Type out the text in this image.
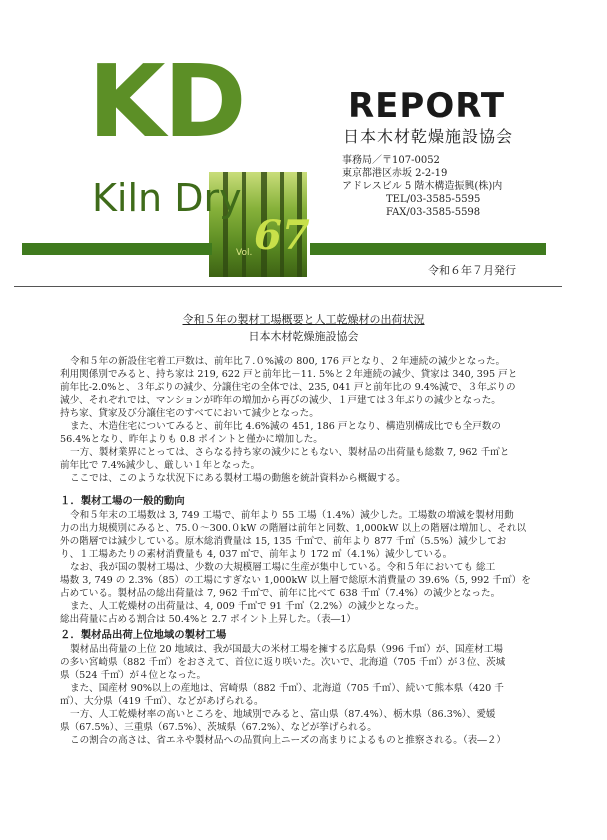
KD
Kiln Dry
Vol. 67
REPORT
日本木材乾燥施設協会
事務局／〒107-0052
東京都港区赤坂 2-2-19
アドレスビル 5 階木構造振興(株)内
TEL/03-3585-5595
FAX/03-3585-5598
令和６年７月発行
令和５年の製材工場概要と人工乾燥材の出荷状況
日本木材乾燥施設協会
令和５年の新設住宅着工戸数は、前年比７.０%減の 800, 176 戸となり、２年連続の減少となった。
利用関係別でみると、持ち家は 219, 622 戸と前年比－11. 5%と２年連続の減少、貸家は 340, 395 戸と
前年比-2.0%と、３年ぶりの減少、分譲住宅の全体では、235, 041 戸と前年比の 9.4%減で、３年ぶりの
減少、それぞれでは、マンションが昨年の増加から再びの減少、１戸建ては３年ぶりの減少となった。
持ち家、貸家及び分譲住宅のすべてにおいて減少となった。
また、木造住宅についてみると、前年比 4.6%減の 451, 186 戸となり、構造別構成比でも全戸数の
56.4%となり、昨年よりも 0.8 ポイントと僅かに増加した。
一方、製材業界にとっては、さらなる持ち家の減少にともない、製材品の出荷量も総数 7, 962 千㎥と
前年比で 7.4%減少し、厳しい１年となった。
ここでは、このような状況下にある製材工場の動態を統計資料から概観する。
１．製材工場の一般的動向
令和５年末の工場数は 3, 749 工場で、前年より 55 工場（1.4%）減少した。工場数の増減を製材用動
力の出力規模別にみると、75.０～300.０kW の階層は前年と同数、1,000kW 以上の階層は増加し、それ以
外の階層では減少している。原木総消費量は 15, 135 千㎥で、前年より 877 千㎥（5.5%）減少してお
り、１工場あたりの素材消費量も 4, 037 ㎥で、前年より 172 ㎥（4.1%）減少している。
なお、我が国の製材工場は、少数の大規模層工場に生産が集中している。令和５年においても 総工
場数 3, 749 の 2.3%（85）の工場にすぎない 1,000kW 以上層で総原木消費量の 39.6%（5, 992 千㎥）を
占めている。製材品の総出荷量は 7, 962 千㎥で、前年に比べて 638 千㎥（7.4%）の減少となった。
また、人工乾燥材の出荷量は、4, 009 千㎥で 91 千㎥（2.2%）の減少となった。
総出荷量に占める割合は 50.4%と 2.7 ポイント上昇した。（表―1）
２．製材品出荷上位地域の製材工場
製材品出荷量の上位 20 地域は、我が国最大の米材工場を擁する広島県（996 千㎥）が、国産材工場
の多い宮崎県（882 千㎥）をおさえて、首位に返り咲いた。次いで、北海道（705 千㎥）が３位、茨城
県（524 千㎥）が４位となった。
また、国産材 90%以上の産地は、宮崎県（882 千㎥）、北海道（705 千㎥）、続いて熊本県（420 千
㎥）、大分県（419 千㎥）、などがあげられる。
一方、人工乾燥材率の高いところを、地域別でみると、富山県（87.4%）、栃木県（86.3%）、愛媛
県（67.5%）、三重県（67.5%）、茨城県（67.2%）、などが挙げられる。
この割合の高さは、省エネや製材品への品質向上ニーズの高まりによるものと推察される。（表―２）
